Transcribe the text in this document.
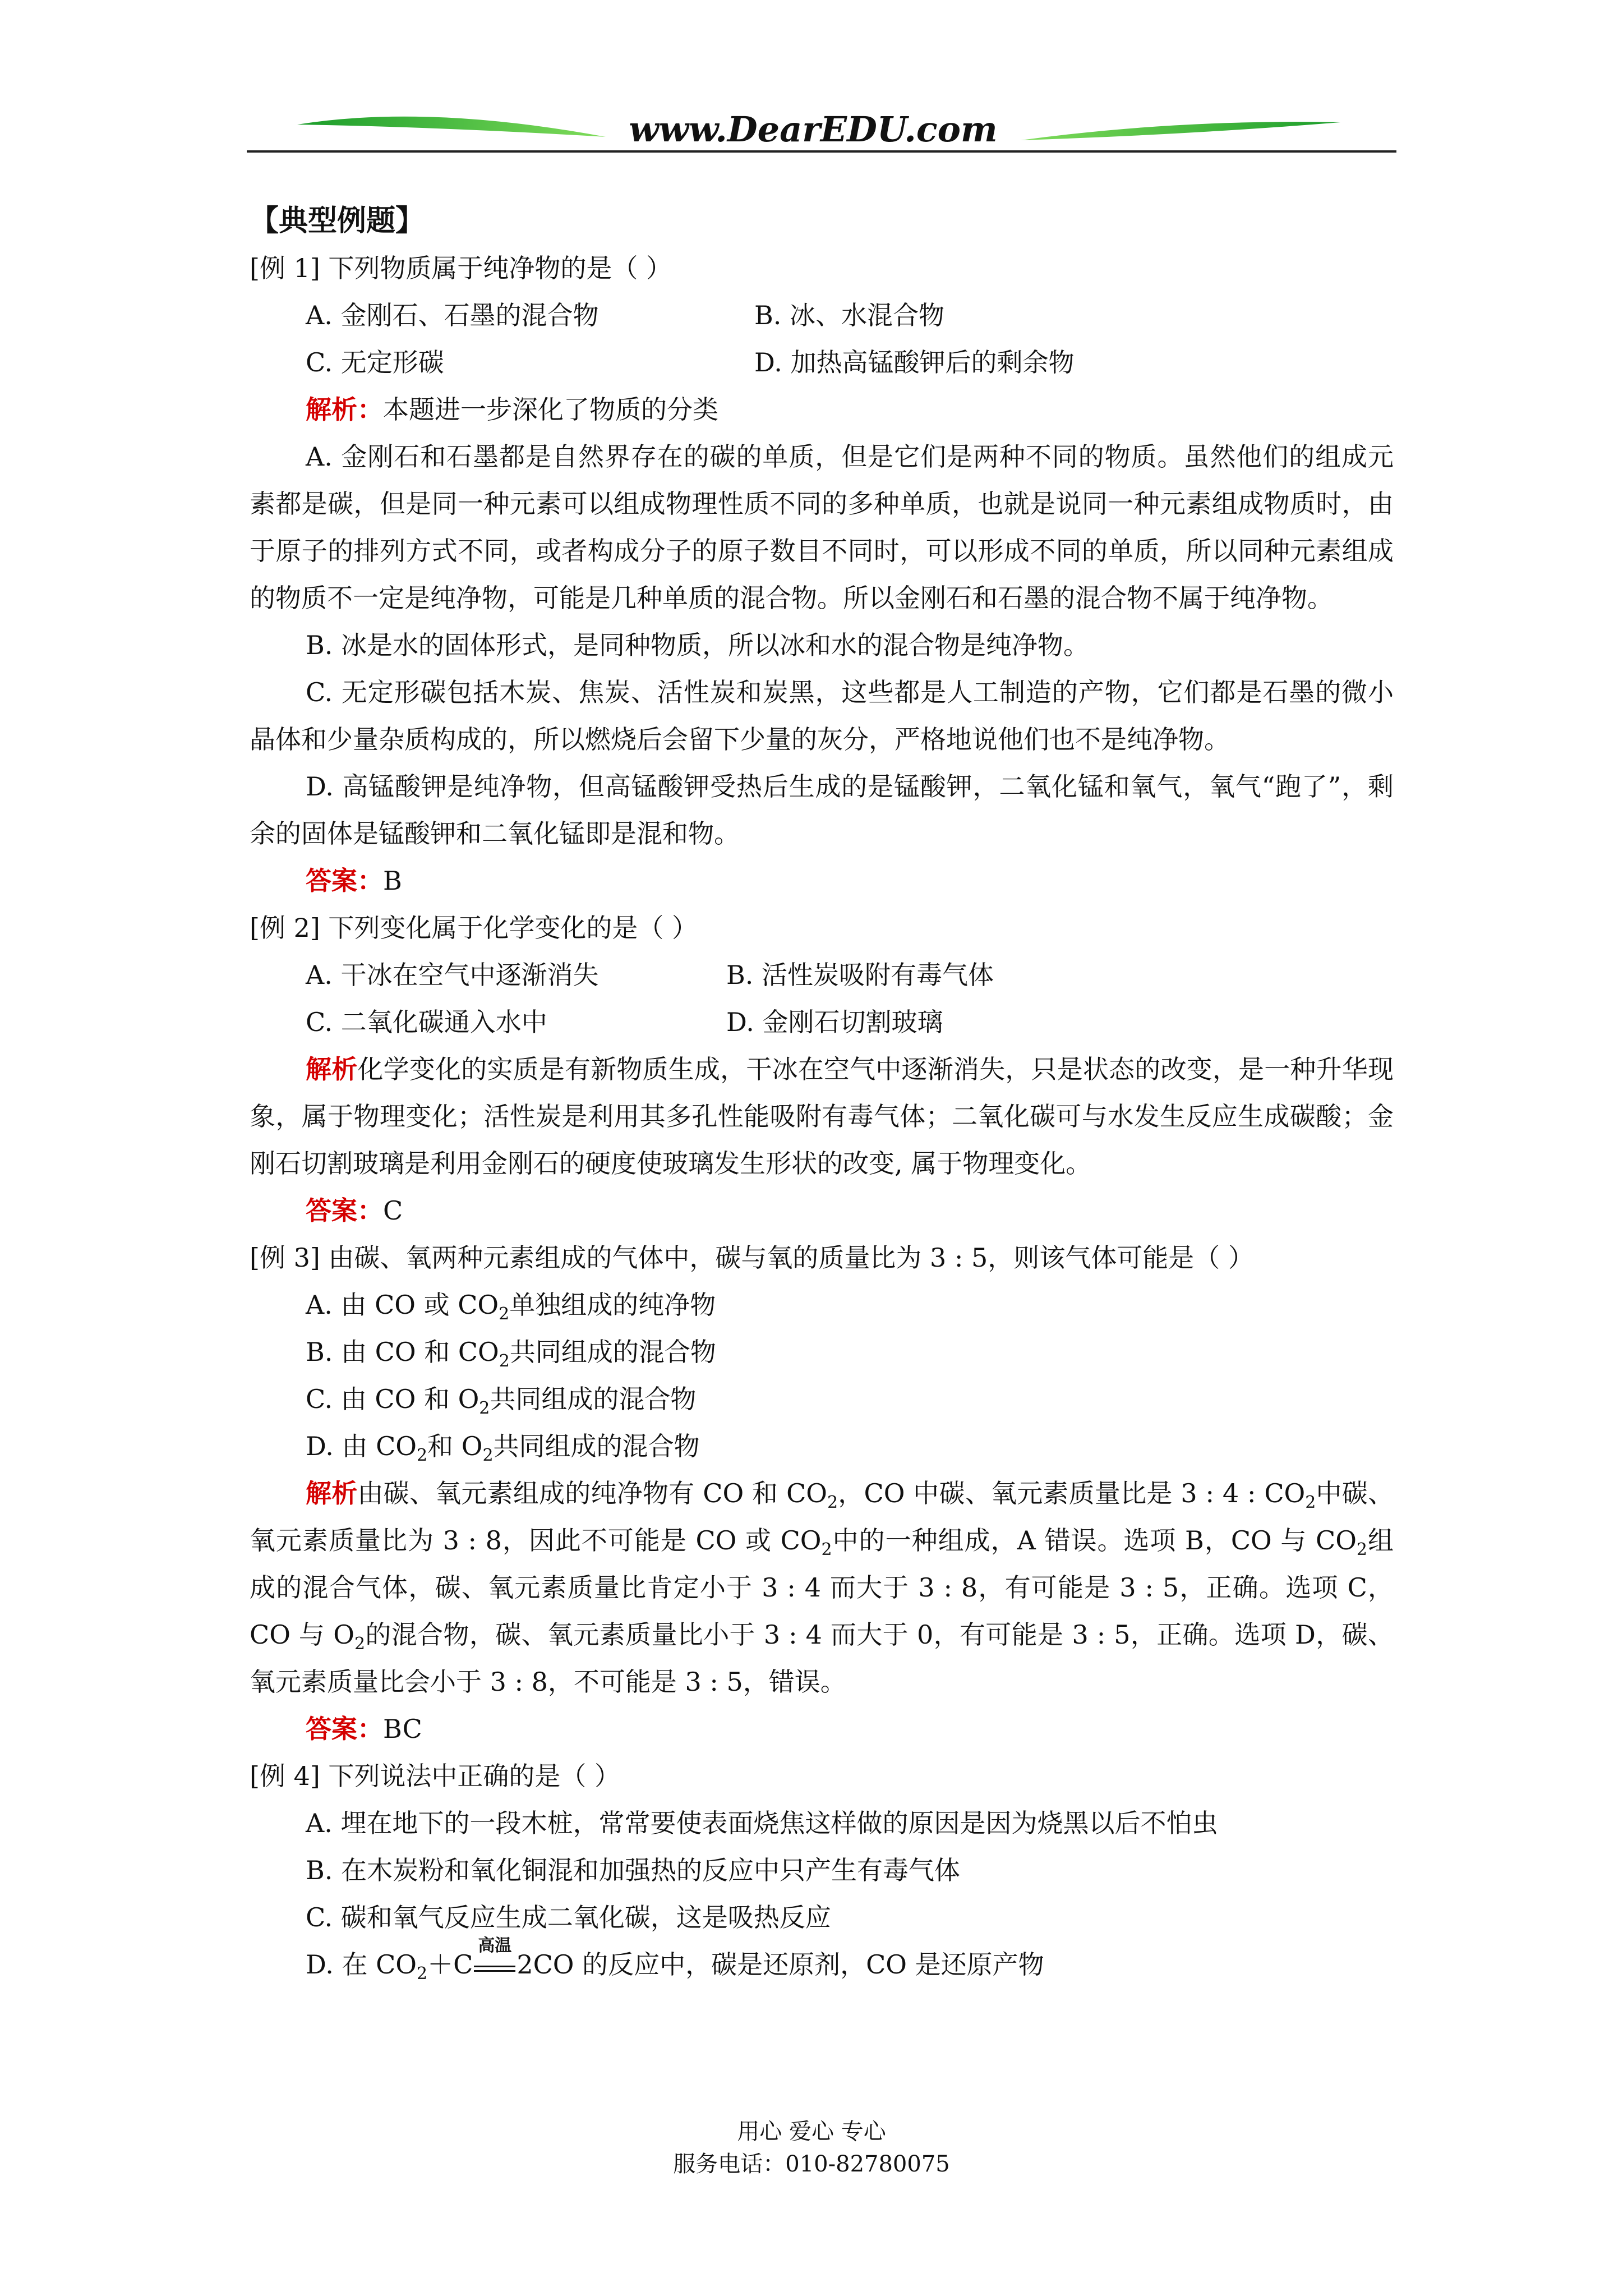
www.DearEDU.com
【典型例题】
[例 1] 下列物质属于纯净物的是（ ）
A. 金刚石、石墨的混合物	B. 冰、水混合物
C. 无定形碳	D. 加热高锰酸钾后的剩余物
解析：本题进一步深化了物质的分类
A. 金刚石和石墨都是自然界存在的碳的单质，但是它们是两种不同的物质。虽然他们的组成元素都是碳，但是同一种元素可以组成物理性质不同的多种单质，也就是说同一种元素组成物质时，由于原子的排列方式不同，或者构成分子的原子数目不同时，可以形成不同的单质，所以同种元素组成的物质不一定是纯净物，可能是几种单质的混合物。所以金刚石和石墨的混合物不属于纯净物。
B. 冰是水的固体形式，是同种物质，所以冰和水的混合物是纯净物。
C. 无定形碳包括木炭、焦炭、活性炭和炭黑，这些都是人工制造的产物，它们都是石墨的微小晶体和少量杂质构成的，所以燃烧后会留下少量的灰分，严格地说他们也不是纯净物。
D. 高锰酸钾是纯净物，但高锰酸钾受热后生成的是锰酸钾，二氧化锰和氧气，氧气“跑了”，剩余的固体是锰酸钾和二氧化锰即是混和物。
答案：B
[例 2] 下列变化属于化学变化的是（ ）
A. 干冰在空气中逐渐消失	B. 活性炭吸附有毒气体
C. 二氧化碳通入水中	D. 金刚石切割玻璃
解析化学变化的实质是有新物质生成，干冰在空气中逐渐消失，只是状态的改变，是一种升华现象，属于物理变化；活性炭是利用其多孔性能吸附有毒气体；二氧化碳可与水发生反应生成碳酸；金刚石切割玻璃是利用金刚石的硬度使玻璃发生形状的改变, 属于物理变化。
答案：C
[例 3] 由碳、氧两种元素组成的气体中，碳与氧的质量比为 3 : 5，则该气体可能是（ ）
A. 由 CO 或 $CO_2$单独组成的纯净物
B. 由 CO 和 $CO_2$共同组成的混合物
C. 由 CO 和 $O_2$共同组成的混合物
D. 由 $CO_2$和 $O_2$共同组成的混合物
解析由碳、氧元素组成的纯净物有 CO 和 $CO_2$，CO 中碳、氧元素质量比是 3 : 4 : $CO_2$中碳、氧元素质量比为 3 : 8，因此不可能是 CO 或 $CO_2$中的一种组成，A 错误。选项 B，CO 与 $CO_2$组成的混合气体，碳、氧元素质量比肯定小于 3 : 4 而大于 3 : 8，有可能是 3 : 5，正确。选项 C，CO 与 $O_2$的混合物，碳、氧元素质量比小于 3 : 4 而大于 0，有可能是 3 : 5，正确。选项 D，碳、氧元素质量比会小于 3 : 8，不可能是 3 : 5，错误。
答案：BC
[例 4] 下列说法中正确的是（ ）
A. 埋在地下的一段木桩，常常要使表面烧焦这样做的原因是因为烧黑以后不怕虫
B. 在木炭粉和氧化铜混和加强热的反应中只产生有毒气体
C. 碳和氧气反应生成二氧化碳，这是吸热反应
D. 在 $CO_2+C$
高温
2CO 的反应中，碳是还原剂，CO 是还原产物
用心 爱心 专心
服务电话：010-82780075
